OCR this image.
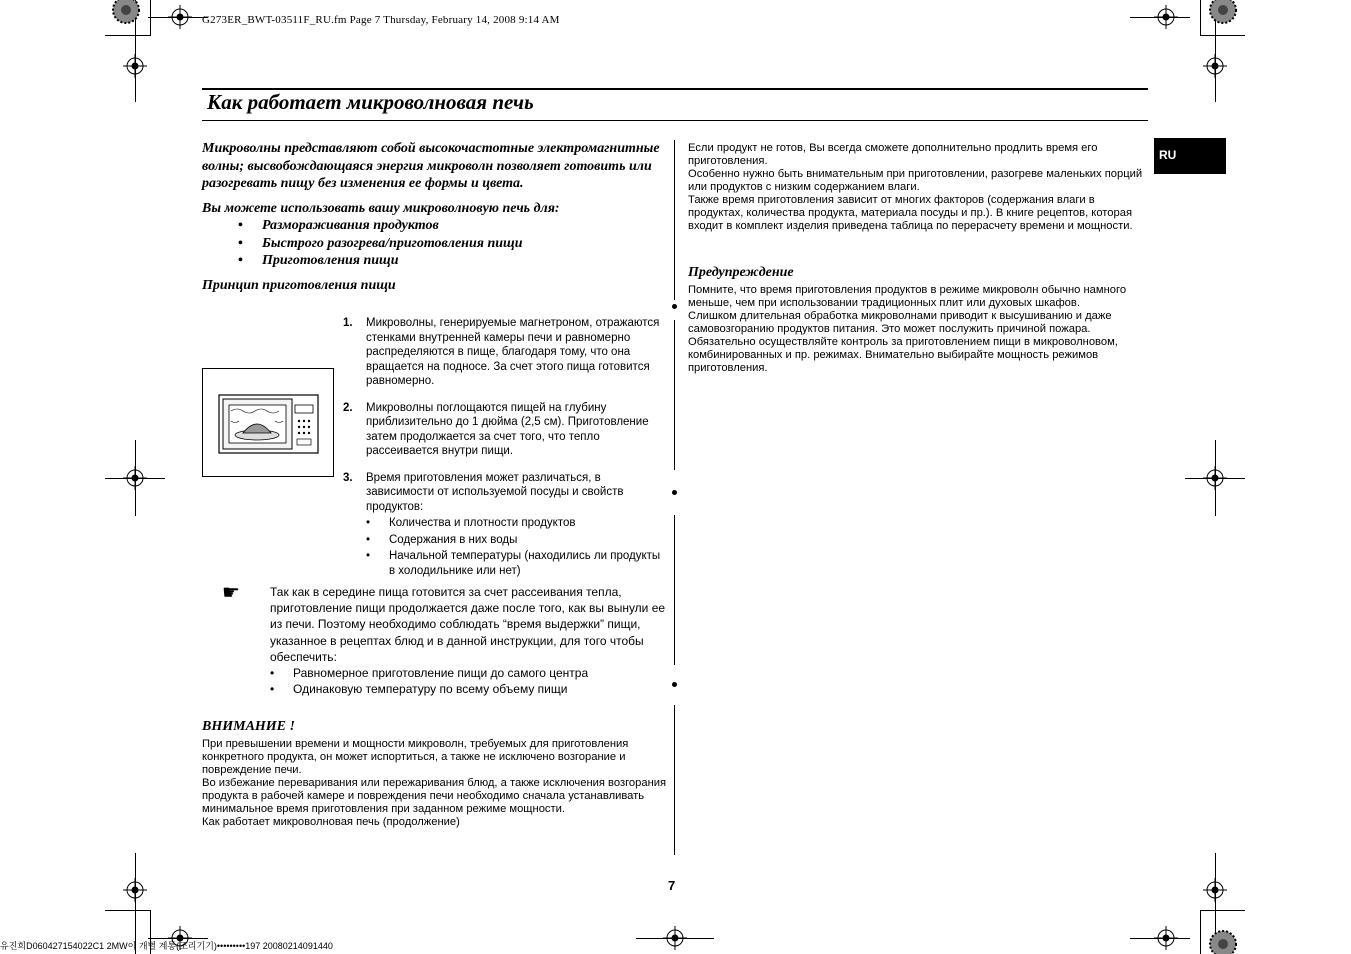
G273ER_BWT-03511F_RU.fm Page 7 Thursday, February 14, 2008 9:14 AM
Как работает микроволновая печь
RU

Микроволны представляют собой высокочастотные электромагнитные волны; высвобождающаяся энергия микроволн позволяет готовить или разогревать пищу без изменения ее формы и цвета.

Вы можете использовать вашу микроволновую печь для:

• Размораживания продуктов
• Быстрого разогрева/приготовления пищи
• Приготовления пищи

Принцип приготовления пищи

1. Микроволны, генерируемые магнетроном, отражаются стенками внутренней камеры печи и равномерно распределяются в пище, благодаря тому, что она вращается на подносе. За счет этого пища готовится равномерно.
2. Микроволны поглощаются пищей на глубину приблизительно до 1 дюйма (2,5 см). Приготовление затем продолжается за счет того, что тепло рассеивается внутри пищи.
3. Время приготовления может различаться, в зависимости от используемой посуды и свойств продуктов:
• Количества и плотности продуктов
• Содержания в них воды
• Начальной температуры (находились ли продукты в холодильнике или нет)
☛	Так как в середине пища готовится за счет рассеивания тепла, приготовление пищи продолжается даже после того, как вы вынули ее из печи. Поэтому необходимо соблюдать “время выдержки” пищи, указанное в рецептах блюд и в данной инструкции, для того чтобы обеспечить:
• Равномерное приготовление пищи до самого центра
• Одинаковую температуру по всему объему пищи
ВНИМАНИЕ !
При превышении времени и мощности микроволн, требуемых для приготовления конкретного продукта, он может испортиться, а также не исключено возгорание и повреждение печи.
Во избежание переваривания или пережаривания блюд, а также исключения возгорания продукта в рабочей камере и повреждения печи необходимо сначала устанавливать минимальное время приготовления при заданном режиме мощности.
Как работает микроволновая печь (продолжение)
Если продукт не готов, Вы всегда сможете дополнительно продлить время его приготовления.
Особенно нужно быть внимательным при приготовлении, разогреве маленьких порций или продуктов с низким содержанием влаги.
Также время приготовления зависит от многих факторов (содержания влаги в продуктах, количества продукта, материала посуды и пр.). В книге рецептов, которая входит в комплект изделия приведена таблица по перерасчету времени и мощности.
Предупреждение
Помните, что время приготовления продуктов в режиме микроволн обычно намного меньше, чем при использовании традиционных плит или духовых шкафов.
Слишком длительная обработка микроволнами приводит к высушиванию и даже самовозгоранию продуктов питания. Это может послужить причиной пожара. Обязательно осуществляйте контроль за приготовлением пищи в микроволновом, комбинированных и пр. режимах. Внимательно выбирайте мощность режимов приготовления.
7
유진희D060427154022C1 2MW이 개별 계통(조리기기)•••••••••197 20080214091440
